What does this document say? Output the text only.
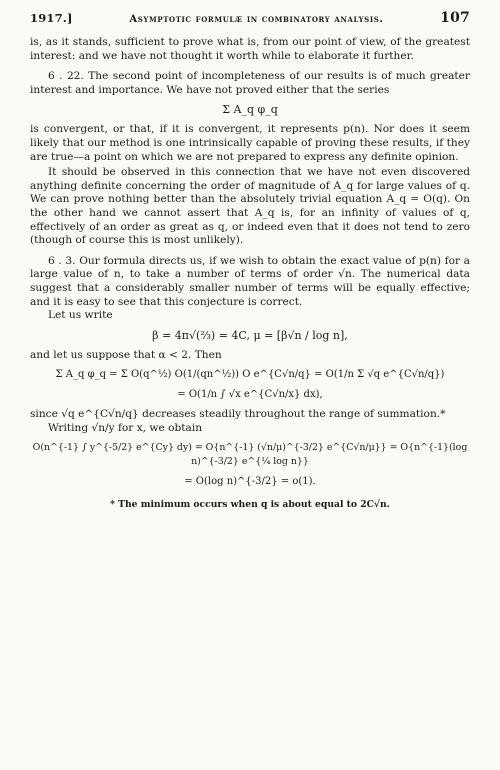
1917.]	Asymptotic formulæ in combinatory analysis.	107

is, as it stands, sufficient to prove what is, from our point of view, of the greatest interest: and we have not thought it worth while to elaborate it further.

6 . 22. The second point of incompleteness of our results is of much greater interest and importance. We have not proved either that the series

Σ A_q φ_q

is convergent, or that, if it is convergent, it represents p(n). Nor does it seem likely that our method is one intrinsically capable of proving these results, if they are true—a point on which we are not prepared to express any definite opinion.

It should be observed in this connection that we have not even discovered anything definite concerning the order of magnitude of A_q for large values of q. We can prove nothing better than the absolutely trivial equation A_q = O(q). On the other hand we cannot assert that A_q is, for an infinity of values of q, effectively of an order as great as q, or indeed even that it does not tend to zero (though of course this is most unlikely).

6 . 3. Our formula directs us, if we wish to obtain the exact value of p(n) for a large value of n, to take a number of terms of order √n. The numerical data suggest that a considerably smaller number of terms will be equally effective; and it is easy to see that this conjecture is correct.

Let us write

β = 4π√(⅔) = 4C, μ = [β√n / log n],

and let us suppose that α < 2. Then

Σ A_q φ_q = Σ O(q^½) O(1/(qn^½)) O e^{C√n/q} = O(1/n Σ √q e^{C√n/q})
= O(1/n ∫ √x e^{C√n/x} dx),

since √q e^{C√n/q} decreases steadily throughout the range of summation.*

Writing √n/y for x, we obtain

O(n^{-1} ∫ y^{-5/2} e^{Cy} dy) = O{n^{-1} (√n/μ)^{-3/2} e^{C√n/μ}} = O{n^{-1}(log n)^{-3/2} e^{¼ log n}}
= O(log n)^{-3/2} = o(1).
* The minimum occurs when q is about equal to 2C√n.
